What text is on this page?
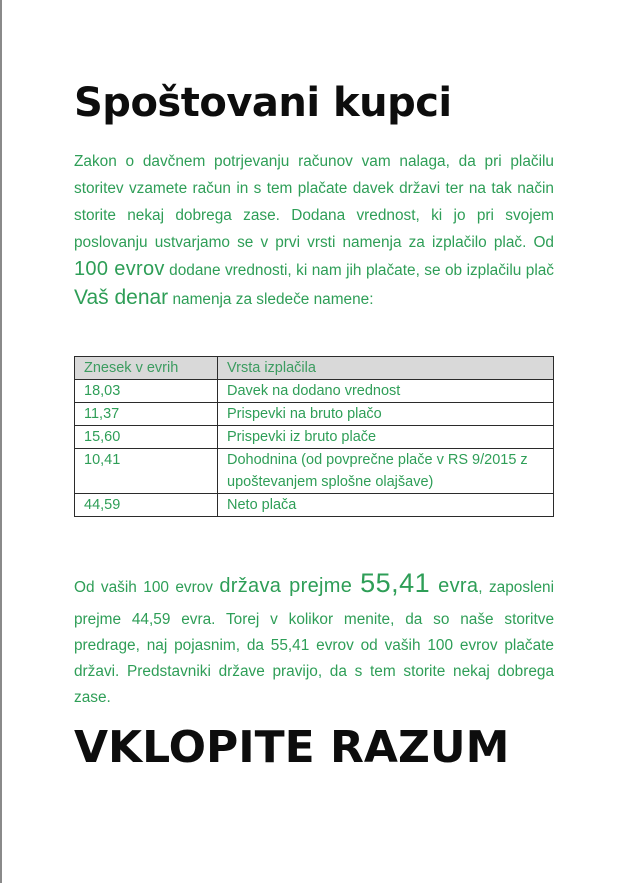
Spoštovani kupci

Zakon o davčnem potrjevanju računov vam nalaga, da pri plačilu storitev vzamete račun in s tem plačate davek državi ter na tak način storite nekaj dobrega zase. Dodana vrednost, ki jo pri svojem poslovanju ustvarjamo se v prvi vrsti namenja za izplačilo plač. Od 100 evrov dodane vrednosti, ki nam jih plačate, se ob izplačilu plač Vaš denar namenja za sledeče namene:

Znesek v evrih	Vrsta izplačila
18,03	Davek na dodano vrednost
11,37	Prispevki na bruto plačo
15,60	Prispevki iz bruto plače
10,41	Dohodnina (od povprečne plače v RS 9/2015 z upoštevanjem splošne olajšave)
44,59	Neto plača

Od vaših 100 evrov država prejme 55,41 evra, zaposleni prejme 44,59 evra. Torej v kolikor menite, da so naše storitve predrage, naj pojasnim, da 55,41 evrov od vaših 100 evrov plačate državi. Predstavniki države pravijo, da s tem storite nekaj dobrega zase.

VKLOPITE RAZUM
